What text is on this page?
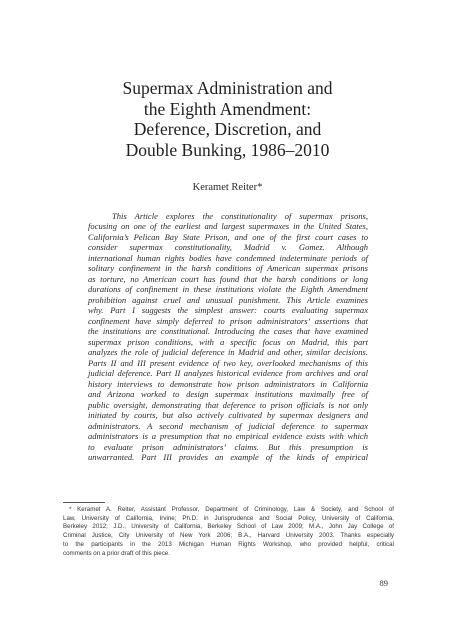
Supermax Administration and
the Eighth Amendment:
Deference, Discretion, and
Double Bunking, 1986–2010
Keramet Reiter*
This Article explores the constitutionality of supermax prisons,
focusing on one of the earliest and largest supermaxes in the United States,
California’s Pelican Bay State Prison, and one of the first court cases to
consider supermax constitutionality, Madrid v. Gomez. Although
international human rights bodies have condemned indeterminate periods of
solitary confinement in the harsh conditions of American supermax prisons
as torture, no American court has found that the harsh conditions or long
durations of confinement in these institutions violate the Eighth Amendment
prohibition against cruel and unusual punishment. This Article examines
why. Part I suggests the simplest answer: courts evaluating supermax
confinement have simply deferred to prison administrators’ assertions that
the institutions are constitutional. Introducing the cases that have examined
supermax prison conditions, with a specific focus on Madrid, this part
analyzes the role of judicial deference in Madrid and other, similar decisions.
Parts II and III present evidence of two key, overlooked mechanisms of this
judicial deference. Part II analyzes historical evidence from archives and oral
history interviews to demonstrate how prison administrators in California
and Arizona worked to design supermax institutions maximally free of
public oversight, demonstrating that deference to prison officials is not only
initiated by courts, but also actively cultivated by supermax designers and
administrators. A second mechanism of judicial deference to supermax
administrators is a presumption that no empirical evidence exists with which
to evaluate prison administrators’ claims. But this presumption is
unwarranted. Part III provides an example of the kinds of empirical
* Keramet A. Reiter, Assistant Professor, Department of Criminology, Law & Society, and School of
Law, University of California, Irvine; Ph.D. in Jurisprudence and Social Policy, University of California,
Berkeley 2012; J.D., University of California, Berkeley School of Law 2009; M.A., John Jay College of
Criminal Justice, City University of New York 2006; B.A., Harvard University 2003. Thanks especially
to the participants in the 2013 Michigan Human Rights Workshop, who provided helpful, critical
comments on a prior draft of this piece.
89
